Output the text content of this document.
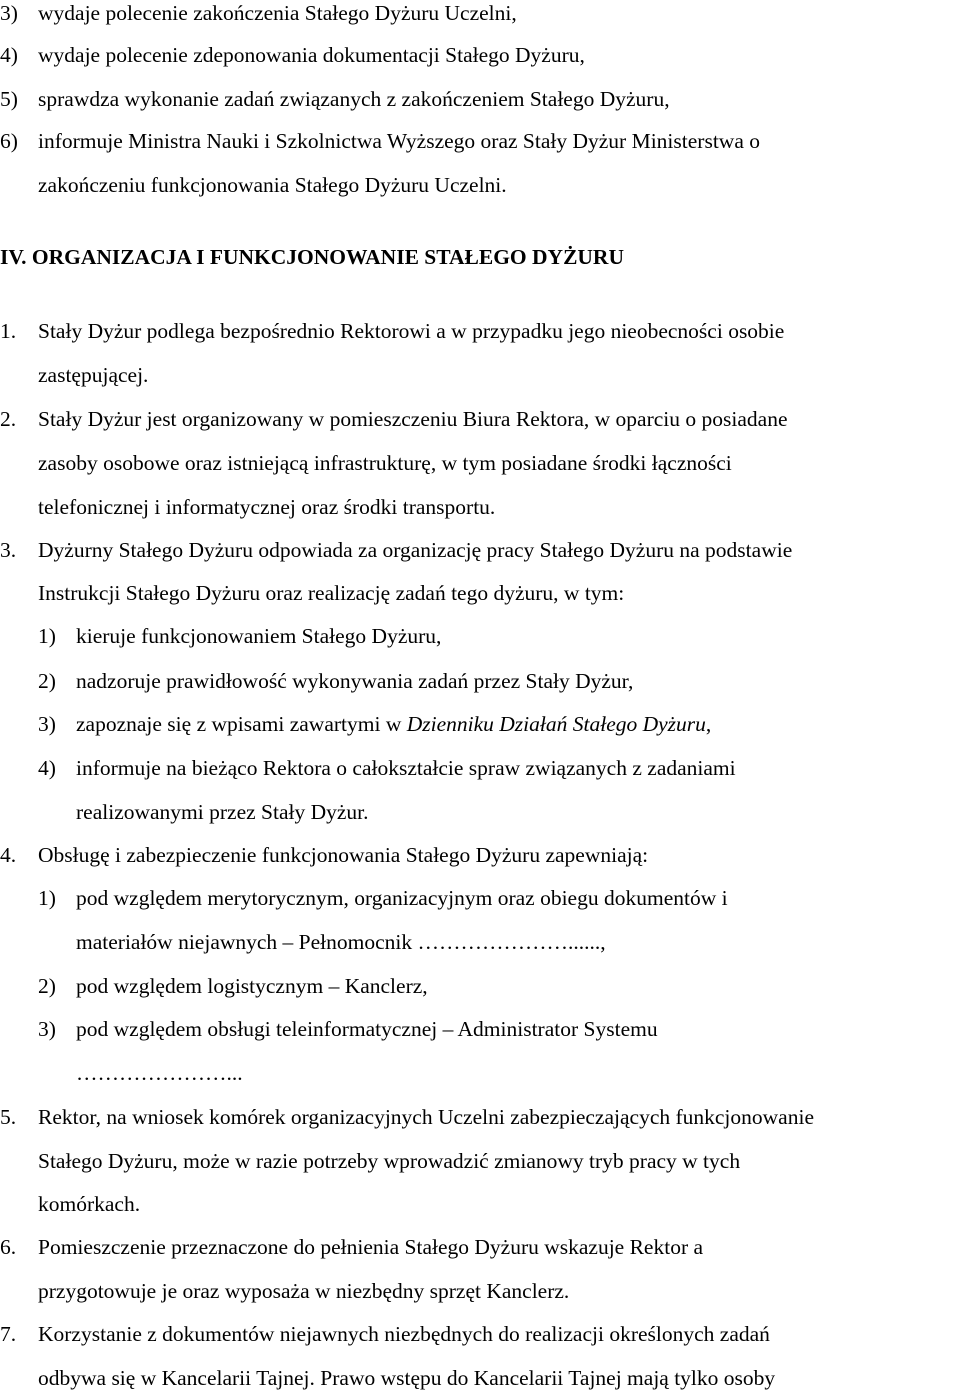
3) wydaje polecenie zakończenia Stałego Dyżuru Uczelni,
4) wydaje polecenie zdeponowania dokumentacji Stałego Dyżuru,
5) sprawdza wykonanie zadań związanych z zakończeniem Stałego Dyżuru,
6) informuje Ministra Nauki i Szkolnictwa Wyższego oraz Stały Dyżur Ministerstwa o
zakończeniu funkcjonowania Stałego Dyżuru Uczelni.
IV. ORGANIZACJA I FUNKCJONOWANIE STAŁEGO DYŻURU
1. Stały Dyżur podlega bezpośrednio Rektorowi a w przypadku jego nieobecności osobie
zastępującej.
2. Stały Dyżur jest organizowany w pomieszczeniu Biura Rektora, w oparciu o posiadane
zasoby osobowe oraz istniejącą infrastrukturę, w tym posiadane środki łączności
telefonicznej i informatycznej oraz środki transportu.
3. Dyżurny Stałego Dyżuru odpowiada za organizację pracy Stałego Dyżuru na podstawie
Instrukcji Stałego Dyżuru oraz realizację zadań tego dyżuru, w tym:
1) kieruje funkcjonowaniem Stałego Dyżuru,
2) nadzoruje prawidłowość wykonywania zadań przez Stały Dyżur,
3) zapoznaje się z wpisami zawartymi w Dzienniku Działań Stałego Dyżuru,
4) informuje na bieżąco Rektora o całokształcie spraw związanych z zadaniami
realizowanymi przez Stały Dyżur.
4. Obsługę i zabezpieczenie funkcjonowania Stałego Dyżuru zapewniają:
1) pod względem merytorycznym, organizacyjnym oraz obiegu dokumentów i
materiałów niejawnych – Pełnomocnik …………………......,
2) pod względem logistycznym – Kanclerz,
3) pod względem obsługi teleinformatycznej – Administrator Systemu
…………………...
5. Rektor, na wniosek komórek organizacyjnych Uczelni zabezpieczających funkcjonowanie
Stałego Dyżuru, może w razie potrzeby wprowadzić zmianowy tryb pracy w tych
komórkach.
6. Pomieszczenie przeznaczone do pełnienia Stałego Dyżuru wskazuje Rektor a
przygotowuje je oraz wyposaża w niezbędny sprzęt Kanclerz.
7. Korzystanie z dokumentów niejawnych niezbędnych do realizacji określonych zadań
odbywa się w Kancelarii Tajnej. Prawo wstępu do Kancelarii Tajnej mają tylko osoby
